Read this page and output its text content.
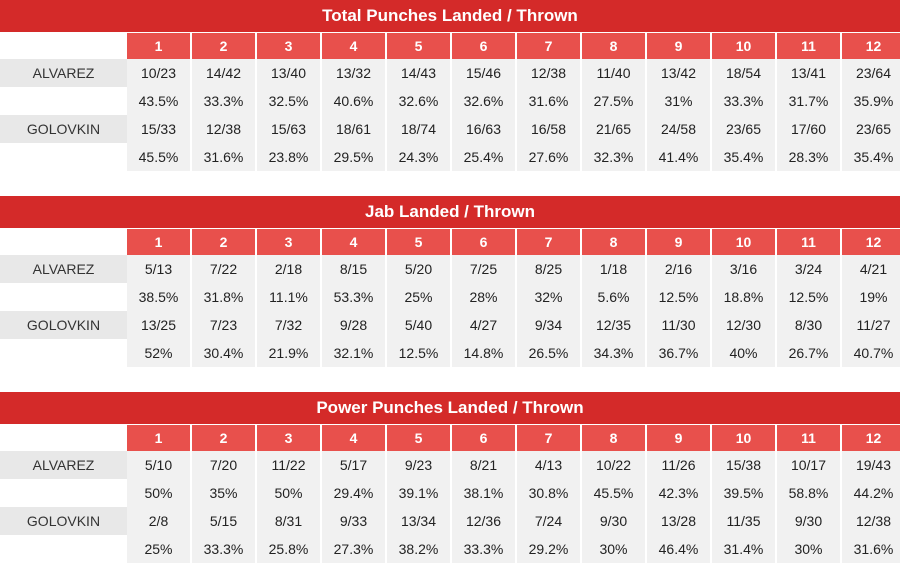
Total Punches Landed / Thrown
1	2	3	4	5	6	7	8	9	10	11	12
ALVAREZ	10/23	14/42	13/40	13/32	14/43	15/46	12/38	11/40	13/42	18/54	13/41	23/64
43.5%	33.3%	32.5%	40.6%	32.6%	32.6%	31.6%	27.5%	31%	33.3%	31.7%	35.9%
GOLOVKIN	15/33	12/38	15/63	18/61	18/74	16/63	16/58	21/65	24/58	23/65	17/60	23/65
45.5%	31.6%	23.8%	29.5%	24.3%	25.4%	27.6%	32.3%	41.4%	35.4%	28.3%	35.4%
Jab Landed / Thrown
1	2	3	4	5	6	7	8	9	10	11	12
ALVAREZ	5/13	7/22	2/18	8/15	5/20	7/25	8/25	1/18	2/16	3/16	3/24	4/21
38.5%	31.8%	11.1%	53.3%	25%	28%	32%	5.6%	12.5%	18.8%	12.5%	19%
GOLOVKIN	13/25	7/23	7/32	9/28	5/40	4/27	9/34	12/35	11/30	12/30	8/30	11/27
52%	30.4%	21.9%	32.1%	12.5%	14.8%	26.5%	34.3%	36.7%	40%	26.7%	40.7%
Power Punches Landed / Thrown
1	2	3	4	5	6	7	8	9	10	11	12
ALVAREZ	5/10	7/20	11/22	5/17	9/23	8/21	4/13	10/22	11/26	15/38	10/17	19/43
50%	35%	50%	29.4%	39.1%	38.1%	30.8%	45.5%	42.3%	39.5%	58.8%	44.2%
GOLOVKIN	2/8	5/15	8/31	9/33	13/34	12/36	7/24	9/30	13/28	11/35	9/30	12/38
25%	33.3%	25.8%	27.3%	38.2%	33.3%	29.2%	30%	46.4%	31.4%	30%	31.6%
